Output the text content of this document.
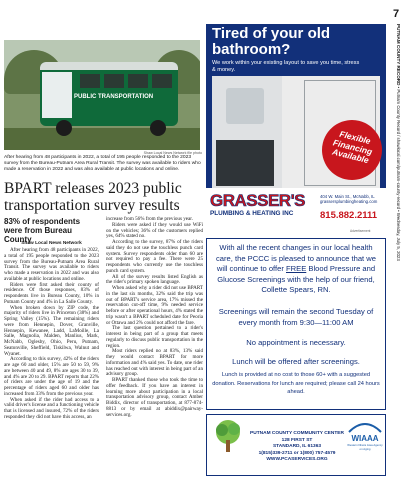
7
PUTNAM COUNTY RECORD • Putnam County Record / shawlocal.com/putnam-county-record • Wednesday, July 5, 2023
PUBLIC TRANSPORTATION
Shaw Local News Network file photo
After hearing from 48 participants in 2022, a total of 195 people responded to the 2023 survey from the Bureau-Putnam Area Rural Transit. The survey was available to riders who made a reservation in 2022 and was also available at public locations and online.
BPART releases 2023 public transportation survey results
83% of respondents were from Bureau County
Shaw Local News Network

After hearing from 48 participants in 2022, a total of 195 people responded to the 2023 survey from the Bureau-Putnam Area Rural Transit. The survey was available to riders who made a reservation in 2022 and was also available at public locations and online.

Riders were first asked their county of residence. Of those responses, 83% of respondents live in Bureau County, 10% in Putnam County and 4% in La Salle County.

When broken down by ZIP code, the majority of riders live in Princeton (38%) and Spring Valley (15%). The remaining riders were from Hennepin, Dover, Granville, Hennepin, Kewanee, Ladd, LaMoille, La Salle, Magnolia, Malden, Manlius, Mark, McNabb, Oglesby, Ohio, Peru, Putnam, Seatonville, Sheffield, Tiskilwa, Walnut and Wyanet.

According to this survey, 42% of the riders are age 60 and older, 15% are 50 to 59, 9% are between 40 and 49, 8% are ages 30 to 39, and 4% are 20 to 29. BPART reports that 22% of riders are under the age of 19 and the percentage of riders aged 60 and older has increased from 33% from the previous year.

When asked if the rider had access to a valid driver's license and a functioning vehicle that is licensed and insured, 72% of the riders responded they did not have this access, an

increase from 56% from the previous year.

Riders were asked if they would use WiFi on the vehicles; 36% of the customers replied yes, 64% stated no.

According to the survey, 87% of the riders said they do not use the touchless punch card system. Survey respondents older than 60 are not required to pay a fee. There were 25 respondents who currently use the touchless punch card system.

All of the survey results listed English as the rider's primary spoken language.

When asked why a rider did not use BPART in the last six months, 32% said the trip was out of BPART's service area, 17% missed the reservation cut-off time, 9% needed service before or after operational hours, 4% stated the trip wasn't a BPART scheduled date for Peoria or Ottawa and 2% could not afford the fare.

The last question pertained to a rider's interest in being part of a group that meets regularly to discuss public transportation in the region.

Most riders replied no at 83%, 13% said they would contact BPART for more information and 4% said yes. To date, one rider has reached out with interest in being part of an advisory group.

BPART thanked those who took the time to offer feedback. If you have an interest in learning more about participation in a local transportation advisory group, contact Amber Biddix, director of transportation, at 877-874-8813 or by email at abiddix@pairway-services.org.

Tired of your old bathroom?
We work within your existing layout to save you time, stress & money.
Flexible Financing Available
GRASSER'S
PLUMBING & HEATING INC
404 W. Main St., McNabb, IL
grassersplumbingheating.com
815.882.2111
Advertisement
With all the recent changes in our local health care, the PCCC is pleased to announce that we will continue to offer FREE Blood Pressure and Glucose Screenings with the help of our friend, Collette Spears, RN.
Screenings will remain the second Tuesday of every month from 9:30—11:00 AM
No appointment is necessary.
Lunch will be offered after screenings.
Lunch is provided at no cost to those 60+ with a suggested donation. Reservations for lunch are required; please call 24 hours ahead.
PUTNAM COUNTY COMMUNITY CENTER
128 FIRST ST
STANDARD, IL 61363
1(815)339-2711 or 1(800) 757-4579
WWW.PCASERVICES.ORG
WIAAA
Western Illinois Area Agency on Aging
